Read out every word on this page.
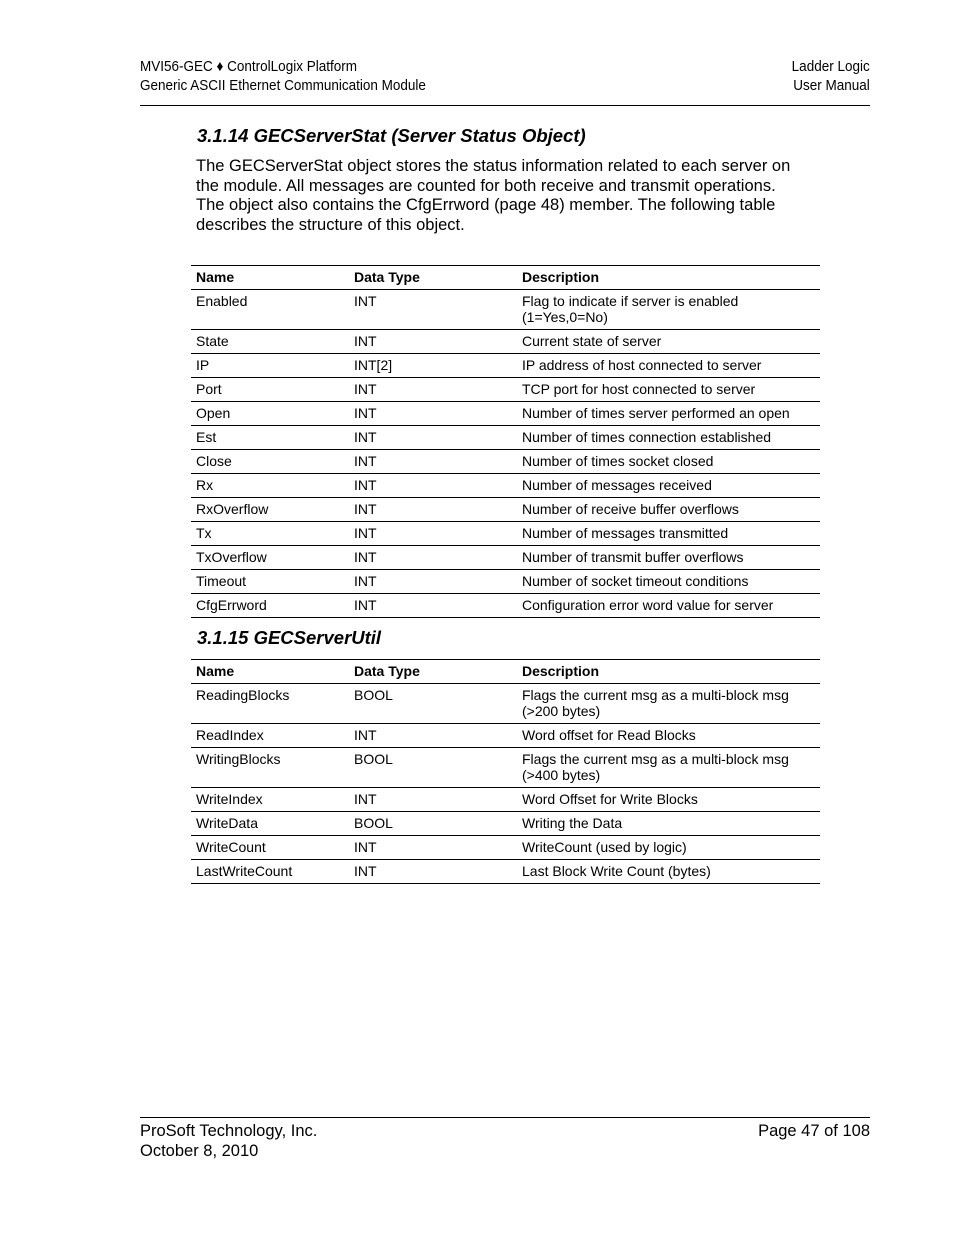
MVI56-GEC ♦ ControlLogix Platform
Generic ASCII Ethernet Communication Module
Ladder Logic
User Manual
3.1.14 GECServerStat (Server Status Object)
The GECServerStat object stores the status information related to each server on the module. All messages are counted for both receive and transmit operations. The object also contains the CfgErrword (page 48) member. The following table describes the structure of this object.
Name	Data Type	Description
Enabled	INT	Flag to indicate if server is enabled (1=Yes,0=No)
State	INT	Current state of server
IP	INT[2]	IP address of host connected to server
Port	INT	TCP port for host connected to server
Open	INT	Number of times server performed an open
Est	INT	Number of times connection established
Close	INT	Number of times socket closed
Rx	INT	Number of messages received
RxOverflow	INT	Number of receive buffer overflows
Tx	INT	Number of messages transmitted
TxOverflow	INT	Number of transmit buffer overflows
Timeout	INT	Number of socket timeout conditions
CfgErrword	INT	Configuration error word value for server
3.1.15 GECServerUtil
Name	Data Type	Description
ReadingBlocks	BOOL	Flags the current msg as a multi-block msg (>200 bytes)
ReadIndex	INT	Word offset for Read Blocks
WritingBlocks	BOOL	Flags the current msg as a multi-block msg (>400 bytes)
WriteIndex	INT	Word Offset for Write Blocks
WriteData	BOOL	Writing the Data
WriteCount	INT	WriteCount (used by logic)
LastWriteCount	INT	Last Block Write Count (bytes)
ProSoft Technology, Inc.
October 8, 2010
Page 47 of 108
